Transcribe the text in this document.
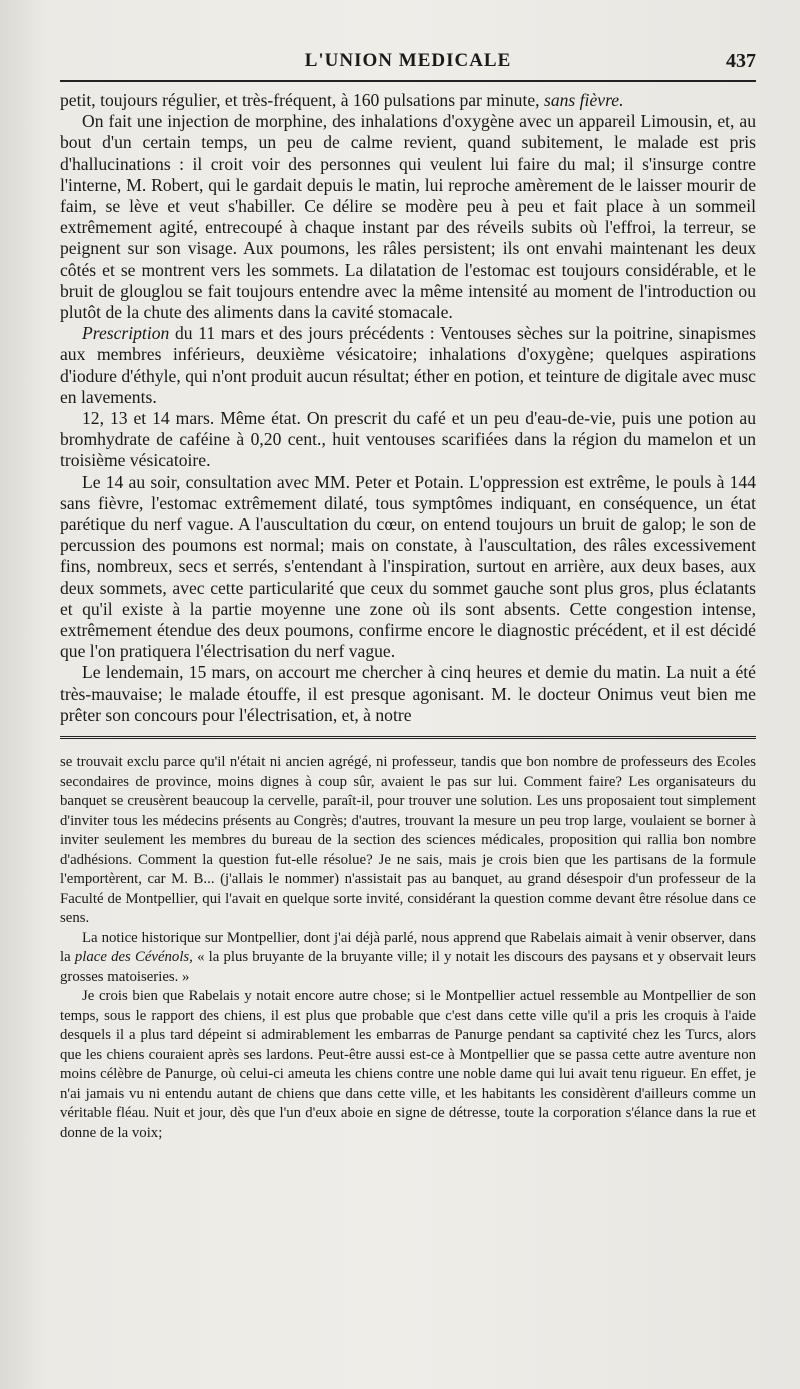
L'UNION MEDICALE	437

petit, toujours régulier, et très-fréquent, à 160 pulsations par minute, sans fièvre.

On fait une injection de morphine, des inhalations d'oxygène avec un appareil Limousin, et, au bout d'un certain temps, un peu de calme revient, quand subitement, le malade est pris d'hallucinations : il croit voir des personnes qui veulent lui faire du mal; il s'insurge contre l'interne, M. Robert, qui le gardait depuis le matin, lui reproche amèrement de le laisser mourir de faim, se lève et veut s'habiller. Ce délire se modère peu à peu et fait place à un sommeil extrêmement agité, entrecoupé à chaque instant par des réveils subits où l'effroi, la terreur, se peignent sur son visage. Aux poumons, les râles persistent; ils ont envahi maintenant les deux côtés et se montrent vers les sommets. La dilatation de l'estomac est toujours considérable, et le bruit de glouglou se fait toujours entendre avec la même intensité au moment de l'introduction ou plutôt de la chute des aliments dans la cavité stomacale.

Prescription du 11 mars et des jours précédents : Ventouses sèches sur la poitrine, sinapismes aux membres inférieurs, deuxième vésicatoire; inhalations d'oxygène; quelques aspirations d'iodure d'éthyle, qui n'ont produit aucun résultat; éther en potion, et teinture de digitale avec musc en lavements.

12, 13 et 14 mars. Même état. On prescrit du café et un peu d'eau-de-vie, puis une potion au bromhydrate de caféine à 0,20 cent., huit ventouses scarifiées dans la région du mamelon et un troisième vésicatoire.

Le 14 au soir, consultation avec MM. Peter et Potain. L'oppression est extrême, le pouls à 144 sans fièvre, l'estomac extrêmement dilaté, tous symptômes indiquant, en conséquence, un état parétique du nerf vague. A l'auscultation du cœur, on entend toujours un bruit de galop; le son de percussion des poumons est normal; mais on constate, à l'auscultation, des râles excessivement fins, nombreux, secs et serrés, s'entendant à l'inspiration, surtout en arrière, aux deux bases, aux deux sommets, avec cette particularité que ceux du sommet gauche sont plus gros, plus éclatants et qu'il existe à la partie moyenne une zone où ils sont absents. Cette congestion intense, extrêmement étendue des deux poumons, confirme encore le diagnostic précédent, et il est décidé que l'on pratiquera l'électrisation du nerf vague.

Le lendemain, 15 mars, on accourt me chercher à cinq heures et demie du matin. La nuit a été très-mauvaise; le malade étouffe, il est presque agonisant. M. le docteur Onimus veut bien me prêter son concours pour l'électrisation, et, à notre

se trouvait exclu parce qu'il n'était ni ancien agrégé, ni professeur, tandis que bon nombre de professeurs des Ecoles secondaires de province, moins dignes à coup sûr, avaient le pas sur lui. Comment faire? Les organisateurs du banquet se creusèrent beaucoup la cervelle, paraît-il, pour trouver une solution. Les uns proposaient tout simplement d'inviter tous les médecins présents au Congrès; d'autres, trouvant la mesure un peu trop large, voulaient se borner à inviter seulement les membres du bureau de la section des sciences médicales, proposition qui rallia bon nombre d'adhésions. Comment la question fut-elle résolue? Je ne sais, mais je crois bien que les partisans de la formule l'emportèrent, car M. B... (j'allais le nommer) n'assistait pas au banquet, au grand désespoir d'un professeur de la Faculté de Montpellier, qui l'avait en quelque sorte invité, considérant la question comme devant être résolue dans ce sens.

La notice historique sur Montpellier, dont j'ai déjà parlé, nous apprend que Rabelais aimait à venir observer, dans la place des Cévénols, « la plus bruyante de la bruyante ville; il y notait les discours des paysans et y observait leurs grosses matoiseries. »

Je crois bien que Rabelais y notait encore autre chose; si le Montpellier actuel ressemble au Montpellier de son temps, sous le rapport des chiens, il est plus que probable que c'est dans cette ville qu'il a pris les croquis à l'aide desquels il a plus tard dépeint si admirablement les embarras de Panurge pendant sa captivité chez les Turcs, alors que les chiens couraient après ses lardons. Peut-être aussi est-ce à Montpellier que se passa cette autre aventure non moins célèbre de Panurge, où celui-ci ameuta les chiens contre une noble dame qui lui avait tenu rigueur. En effet, je n'ai jamais vu ni entendu autant de chiens que dans cette ville, et les habitants les considèrent d'ailleurs comme un véritable fléau. Nuit et jour, dès que l'un d'eux aboie en signe de détresse, toute la corporation s'élance dans la rue et donne de la voix;
